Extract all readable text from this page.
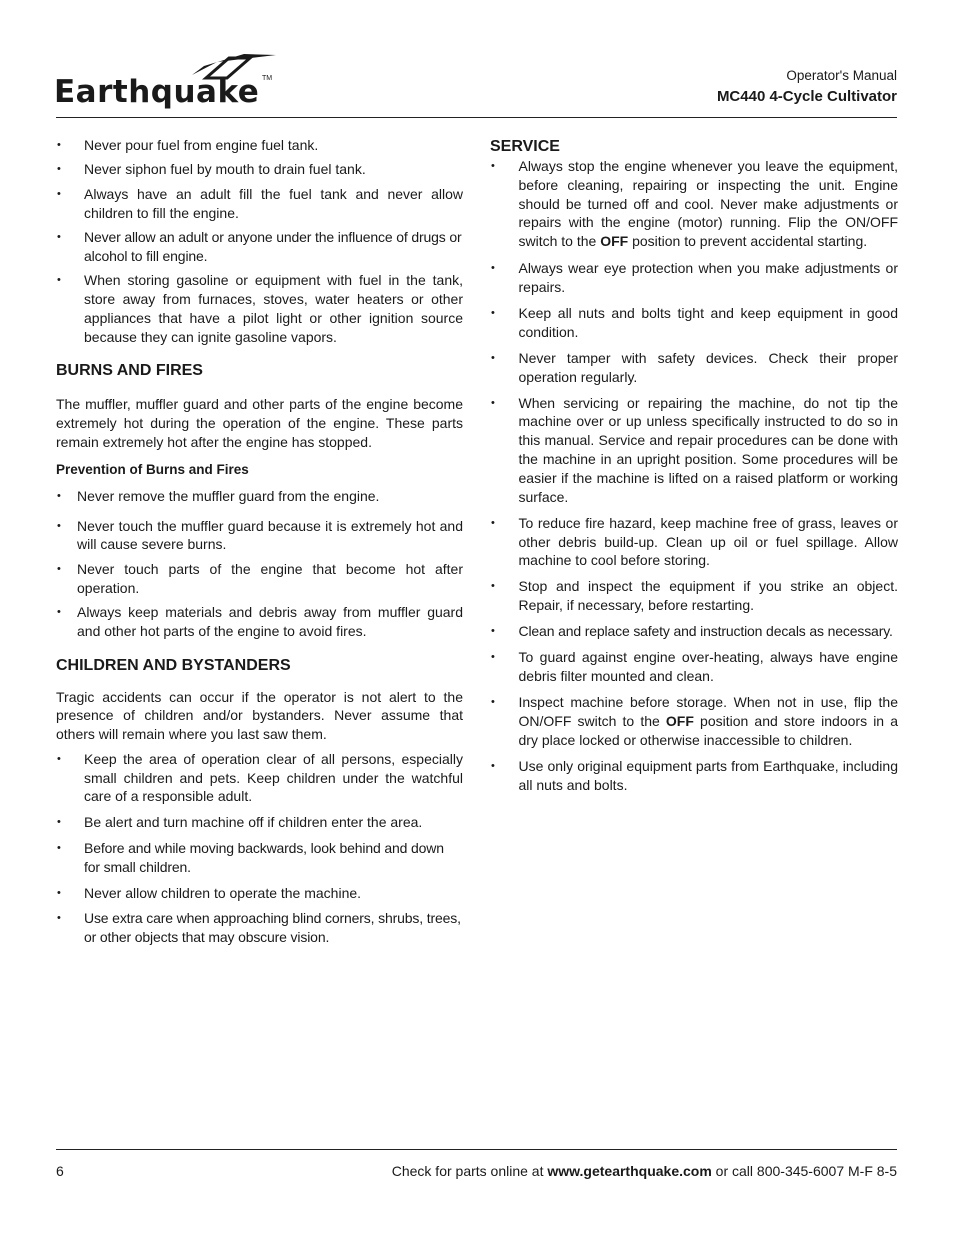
Earthquake TM	Operator's Manual
MC440 4-Cycle Cultivator
• Never pour fuel from engine fuel tank.
• Never siphon fuel by mouth to drain fuel tank.
• Always have an adult fill the fuel tank and never allow children to fill the engine.
• Never allow an adult or anyone under the influence of drugs or alcohol to fill engine.
• When storing gasoline or equipment with fuel in the tank, store away from furnaces, stoves, water heaters or other appliances that have a pilot light or other ignition source because they can ignite gasoline vapors.
BURNS AND FIRES

The muffler, muffler guard and other parts of the engine become extremely hot during the operation of the engine. These parts remain extremely hot after the engine has stopped.

Prevention of Burns and Fires
• Never remove the muffler guard from the engine.
• Never touch the muffler guard because it is extremely hot and will cause severe burns.
• Never touch parts of the engine that become hot after operation.
• Always keep materials and debris away from muffler guard and other hot parts of the engine to avoid fires.
CHILDREN AND BYSTANDERS

Tragic accidents can occur if the operator is not alert to the presence of children and/or bystanders. Never assume that others will remain where you last saw them.

• Keep the area of operation clear of all persons, especially small children and pets. Keep children under the watchful care of a responsible adult.
• Be alert and turn machine off if children enter the area.
• Before and while moving backwards, look behind and down for small children.
• Never allow children to operate the machine.
• Use extra care when approaching blind corners, shrubs, trees, or other objects that may obscure vision.
SERVICE
• Always stop the engine whenever you leave the equipment, before cleaning, repairing or inspecting the unit. Engine should be turned off and cool. Never make adjustments or repairs with the engine (motor) running. Flip the ON/OFF switch to the OFF position to prevent accidental starting.
• Always wear eye protection when you make adjustments or repairs.
• Keep all nuts and bolts tight and keep equipment in good condition.
• Never tamper with safety devices. Check their proper operation regularly.
• When servicing or repairing the machine, do not tip the machine over or up unless specifically instructed to do so in this manual. Service and repair procedures can be done with the machine in an upright position. Some procedures will be easier if the machine is lifted on a raised platform or working surface.
• To reduce fire hazard, keep machine free of grass, leaves or other debris build-up. Clean up oil or fuel spillage. Allow machine to cool before storing.
• Stop and inspect the equipment if you strike an object. Repair, if necessary, before restarting.
• Clean and replace safety and instruction decals as necessary.
• To guard against engine over-heating, always have engine debris filter mounted and clean.
• Inspect machine before storage. When not in use, flip the ON/OFF switch to the OFF position and store indoors in a dry place locked or otherwise inaccessible to children.
• Use only original equipment parts from Earthquake, including all nuts and bolts.
6	Check for parts online at www.getearthquake.com or call 800-345-6007 M-F 8-5
